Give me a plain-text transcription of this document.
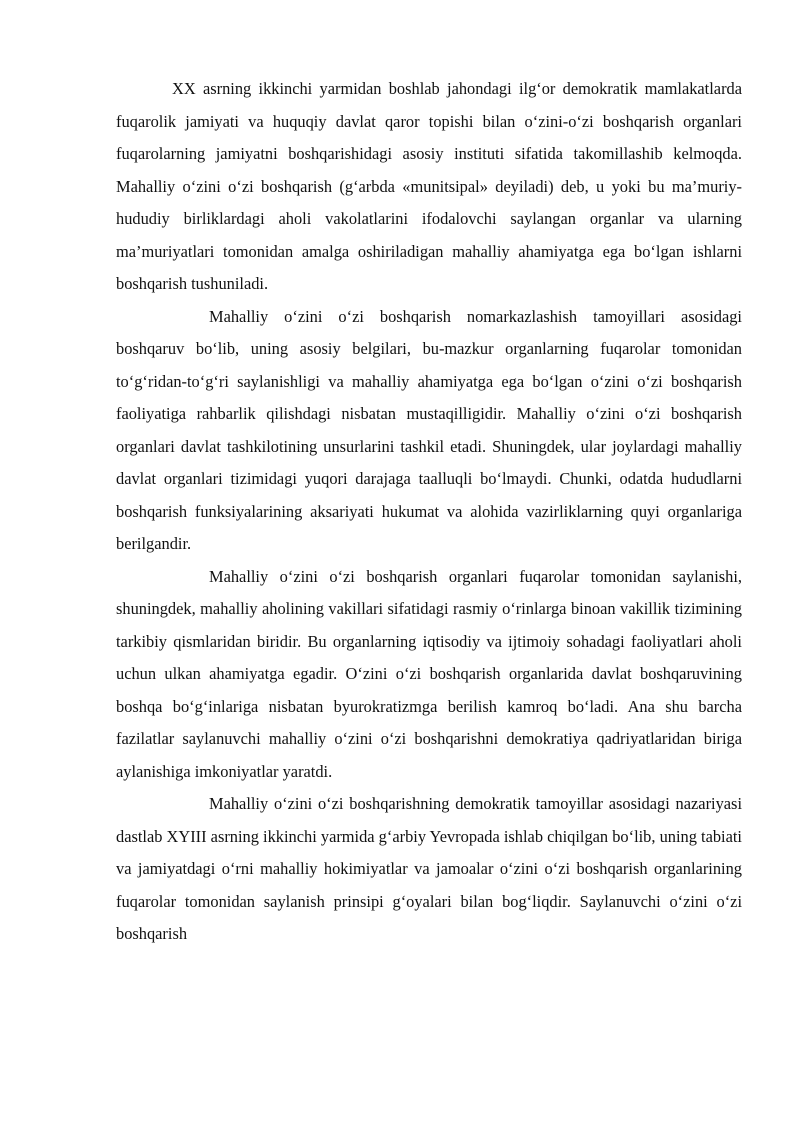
XX asrning ikkinchi yarmidan boshlab jahondagi ilg‘or demokratik mamlakatlarda fuqarolik jamiyati va huquqiy davlat qaror topishi bilan o‘zini-o‘zi boshqarish organlari fuqarolarning jamiyatni boshqarishidagi asosiy instituti sifatida takomillashib kelmoqda. Mahalliy o‘zini o‘zi boshqarish (g‘arbda «munitsipal» deyiladi) deb, u yoki bu ma’muriy-hududiy birliklardagi aholi vakolatlarini ifodalovchi saylangan organlar va ularning ma’muriyatlari tomonidan amalga oshiriladigan mahalliy ahamiyatga ega bo‘lgan ishlarni boshqarish tushuniladi.

Mahalliy o‘zini o‘zi boshqarish nomarkazlashish tamoyillari asosidagi boshqaruv bo‘lib, uning asosiy belgilari, bu-mazkur organlarning fuqarolar tomonidan to‘g‘ridan-to‘g‘ri saylanishligi va mahalliy ahamiyatga ega bo‘lgan o‘zini o‘zi boshqarish faoliyatiga rahbarlik qilishdagi nisbatan mustaqilligidir. Mahalliy o‘zini o‘zi boshqarish organlari davlat tashkilotining unsurlarini tashkil etadi. Shuningdek, ular joylardagi mahalliy davlat organlari tizimidagi yuqori darajaga taalluqli bo‘lmaydi. Chunki, odatda hududlarni boshqarish funksiyalarining aksariyati hukumat va alohida vazirliklarning quyi organlariga berilgandir.

Mahalliy o‘zini o‘zi boshqarish organlari fuqarolar tomonidan saylanishi, shuningdek, mahalliy aholining vakillari sifatidagi rasmiy o‘rinlarga binoan vakillik tizimining tarkibiy qismlaridan biridir. Bu organlarning iqtisodiy va ijtimoiy sohadagi faoliyatlari aholi uchun ulkan ahamiyatga egadir. O‘zini o‘zi boshqarish organlarida davlat boshqaruvining boshqa bo‘g‘inlariga nisbatan byurokratizmga berilish kamroq bo‘ladi. Ana shu barcha fazilatlar saylanuvchi mahalliy o‘zini o‘zi boshqarishni demokratiya qadriyatlaridan biriga aylanishiga imkoniyatlar yaratdi.

Mahalliy o‘zini o‘zi boshqarishning demokratik tamoyillar asosidagi nazariyasi dastlab XYIII asrning ikkinchi yarmida g‘arbiy Yevropada ishlab chiqilgan bo‘lib, uning tabiati va jamiyatdagi o‘rni mahalliy hokimiyatlar va jamoalar o‘zini o‘zi boshqarish organlarining fuqarolar tomonidan saylanish prinsipi g‘oyalari bilan bog‘liqdir. Saylanuvchi o‘zini o‘zi boshqarish
